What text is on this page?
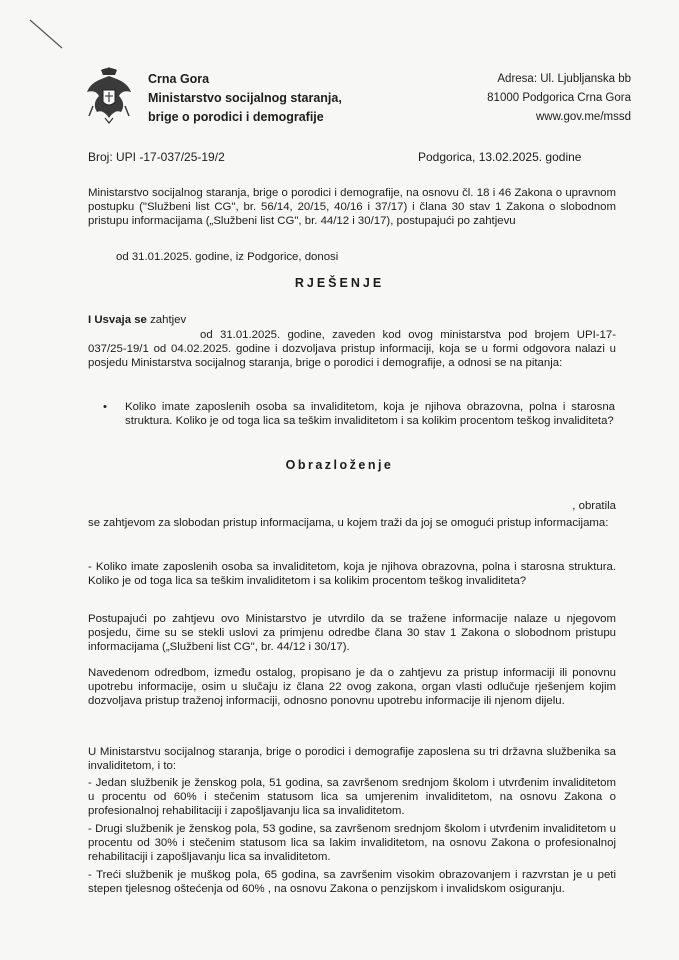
Crna Gora
Ministarstvo socijalnog staranja,
brige o porodici i demografije
Adresa: Ul. Ljubljanska bb
81000 Podgorica Crna Gora
www.gov.me/mssd
Broj: UPI -17-037/25-19/2	Podgorica, 13.02.2025. godine
Ministarstvo socijalnog staranja, brige o porodici i demografije, na osnovu čl. 18 i 46 Zakona o upravnom postupku ("Službeni list CG", br. 56/14, 20/15, 40/16 i 37/17) i člana 30 stav 1 Zakona o slobodnom pristupu informacijama („Službeni list CG", br. 44/12 i 30/17), postupajući po zahtjevu
od 31.01.2025. godine, iz Podgorice, donosi
RJEŠENJE
I Usvaja se zahtjev
od 31.01.2025. godine, zaveden kod ovog ministarstva pod brojem UPI-17-037/25-19/1 od 04.02.2025. godine i dozvoljava pristup informaciji, koja se u formi odgovora nalazi u posjedu Ministarstva socijalnog staranja, brige o porodici i demografije, a odnosi se na pitanja:
•	Koliko imate zaposlenih osoba sa invaliditetom, koja je njihova obrazovna, polna i starosna struktura. Koliko je od toga lica sa teškim invaliditetom i sa kolikim procentom teškog invaliditeta?
Obrazloženje
, obratila
se zahtjevom za slobodan pristup informacijama, u kojem traži da joj se omogući pristup informacijama:
- Koliko imate zaposlenih osoba sa invaliditetom, koja je njihova obrazovna, polna i starosna struktura. Koliko je od toga lica sa teškim invaliditetom i sa kolikim procentom teškog invaliditeta?
Postupajući po zahtjevu ovo Ministarstvo je utvrdilo da se tražene informacije nalaze u njegovom posjedu, čime su se stekli uslovi za primjenu odredbe člana 30 stav 1 Zakona o slobodnom pristupu informacijama („Službeni list CG", br. 44/12 i 30/17).
Navedenom odredbom, između ostalog, propisano je da o zahtjevu za pristup informaciji ili ponovnu upotrebu informacije, osim u slučaju iz člana 22 ovog zakona, organ vlasti odlučuje rješenjem kojim dozvoljava pristup traženoj informaciji, odnosno ponovnu upotrebu informacije ili njenom dijelu.
U Ministarstvu socijalnog staranja, brige o porodici i demografije zaposlena su tri državna službenika sa invaliditetom, i to:
- Jedan službenik je ženskog pola, 51 godina, sa završenom srednjom školom i utvrđenim invaliditetom u procentu od 60% i stečenim statusom lica sa umjerenim invaliditetom, na osnovu Zakona o profesionalnoj rehabilitaciji i zapošljavanju lica sa invaliditetom.
- Drugi službenik je ženskog pola, 53 godine, sa završenom srednjom školom i utvrđenim invaliditetom u procentu od 30% i stečenim statusom lica sa lakim invaliditetom, na osnovu Zakona o profesionalnoj rehabilitaciji i zapošljavanju lica sa invaliditetom.
- Treći službenik je muškog pola, 65 godina, sa završenim visokim obrazovanjem i razvrstan je u peti stepen tjelesnog oštećenja od 60% , na osnovu Zakona o penzijskom i invalidskom osiguranju.
